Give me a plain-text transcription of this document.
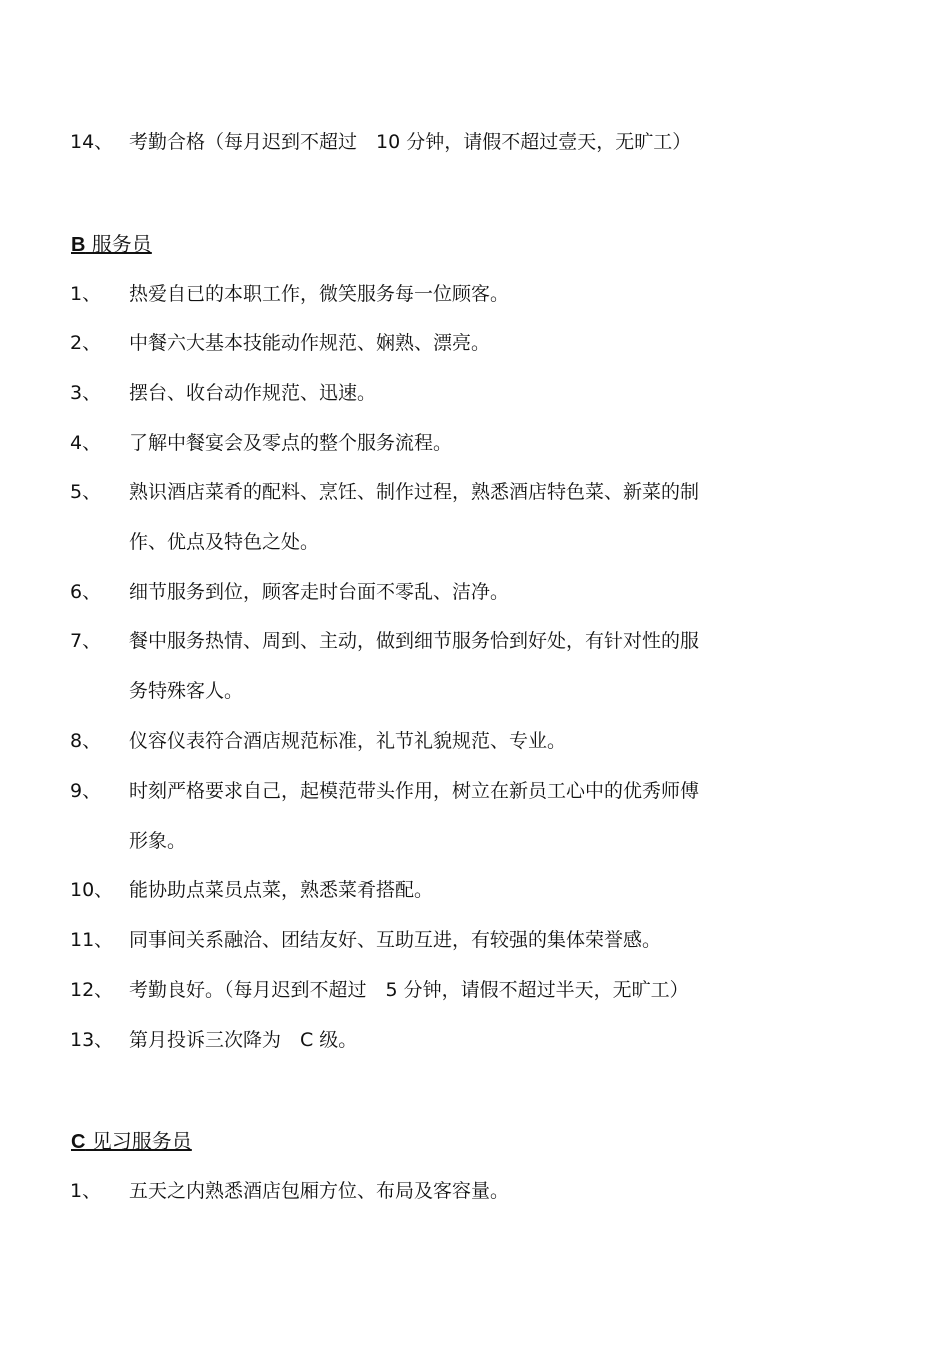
14、 考勤合格（每月迟到不超过　10 分钟，请假不超过壹天，无旷工）
B 服务员
1、 热爱自已的本职工作，微笑服务每一位顾客。
2、 中餐六大基本技能动作规范、娴熟、漂亮。
3、 摆台、收台动作规范、迅速。
4、 了解中餐宴会及零点的整个服务流程。
5、 熟识酒店菜肴的配料、烹饪、制作过程，熟悉酒店特色菜、新菜的制
作、优点及特色之处。
6、 细节服务到位，顾客走时台面不零乱、洁净。
7、 餐中服务热情、周到、主动，做到细节服务恰到好处，有针对性的服
务特殊客人。
8、 仪容仪表符合酒店规范标准，礼节礼貌规范、专业。
9、 时刻严格要求自己，起模范带头作用，树立在新员工心中的优秀师傅
形象。
10、 能协助点菜员点菜，熟悉菜肴搭配。
11、 同事间关系融洽、团结友好、互助互进，有较强的集体荣誉感。
12、 考勤良好。（每月迟到不超过　5 分钟，请假不超过半天，无旷工）
13、 第月投诉三次降为　C 级。
C 见习服务员
1、 五天之内熟悉酒店包厢方位、布局及客容量。
